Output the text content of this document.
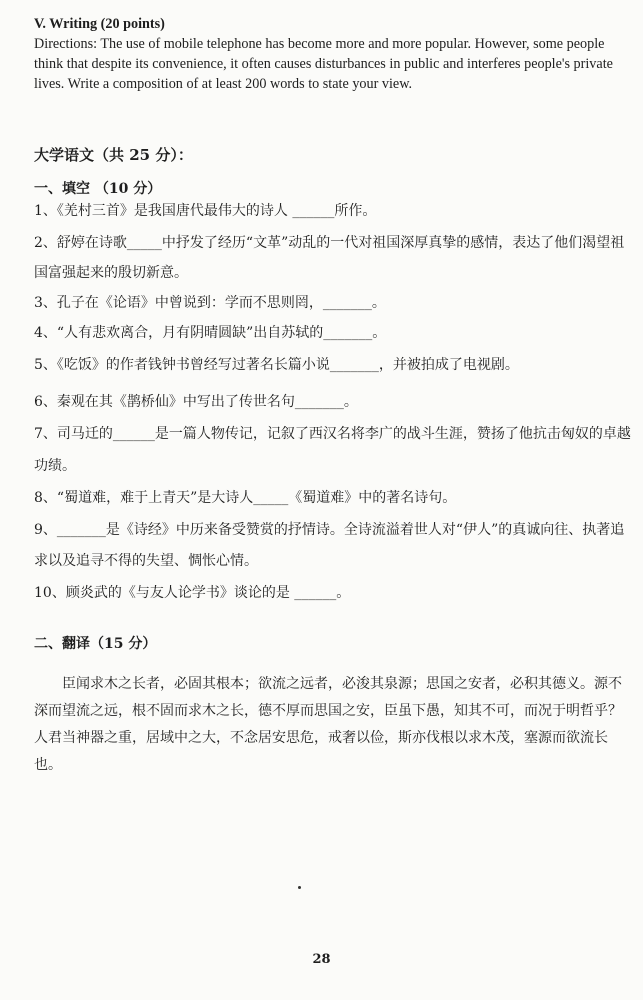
V. Writing (20 points)
Directions: The use of mobile telephone has become more and more popular. However, some people think that despite its convenience, it often causes disturbances in public and interferes people's private lives. Write a composition of at least 200 words to state your view.
大学语文（共 25 分）：
一、填空 （10 分）
1、《羌村三首》是我国唐代最伟大的诗人 ______所作。
2、舒婷在诗歌_____中抒发了经历“文革”动乱的一代对祖国深厚真挚的感情，表达了他们渴望祖
国富强起来的殷切新意。
3、孔子在《论语》中曾说到：学而不思则罔，_______。
4、“人有悲欢离合，月有阴晴圆缺”出自苏轼的_______。
5、《吃饭》的作者钱钟书曾经写过著名长篇小说_______，并被拍成了电视剧。
6、秦观在其《鹊桥仙》中写出了传世名句_______。
7、司马迁的______是一篇人物传记，记叙了西汉名将李广的战斗生涯，赞扬了他抗击匈奴的卓越
功绩。
8、“蜀道难，难于上青天”是大诗人_____《蜀道难》中的著名诗句。
9、_______是《诗经》中历来备受赞赏的抒情诗。全诗流溢着世人对“伊人”的真诚向往、执著追
求以及追寻不得的失望、惆怅心情。
10、顾炎武的《与友人论学书》谈论的是 ______。
二、翻译（15 分）
臣闻求木之长者，必固其根本；欲流之远者，必浚其泉源；思国之安者，必积其德义。源不深而望流之远，根不固而求木之长，德不厚而思国之安，臣虽下愚，知其不可，而况于明哲乎？人君当神器之重，居域中之大，不念居安思危，戒奢以俭，斯亦伐根以求木茂，塞源而欲流长也。
28
